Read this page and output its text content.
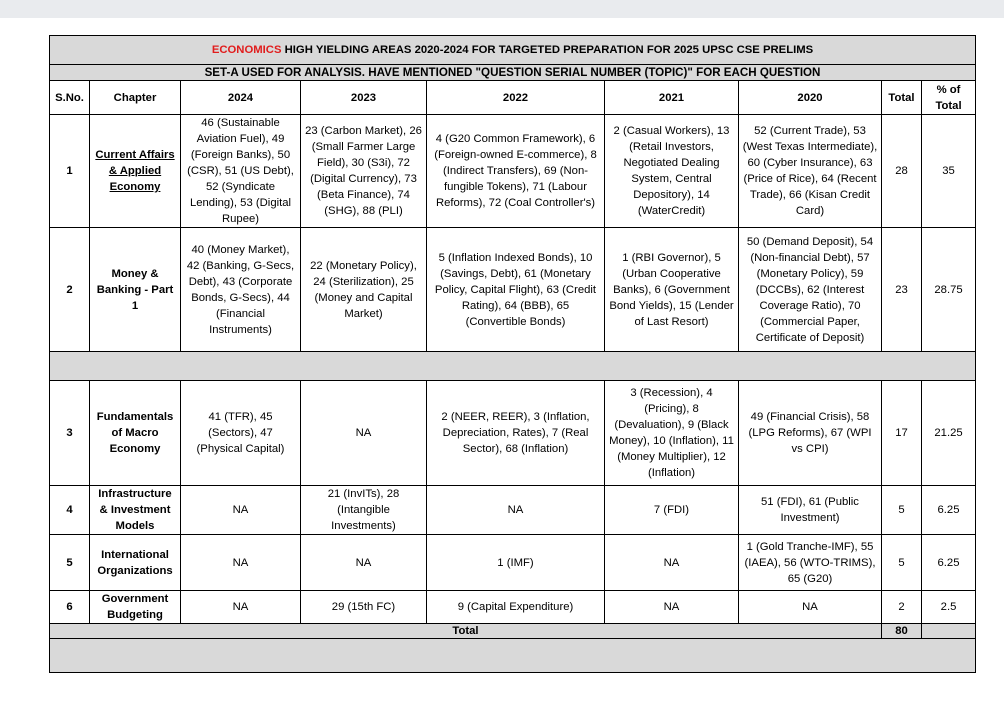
ECONOMICS HIGH YIELDING AREAS 2020-2024 FOR TARGETED PREPARATION FOR 2025 UPSC CSE PRELIMS								
SET-A USED FOR ANALYSIS. HAVE MENTIONED "QUESTION SERIAL NUMBER (TOPIC)" FOR EACH QUESTION								
S.No.	Chapter	2024	2023	2022	2021	2020	Total	% of Total
1	Current Affairs & Applied Economy	46 (Sustainable Aviation Fuel), 49 (Foreign Banks), 50 (CSR), 51 (US Debt), 52 (Syndicate Lending), 53 (Digital Rupee)	23 (Carbon Market), 26 (Small Farmer Large Field), 30 (S3i), 72 (Digital Currency), 73 (Beta Finance), 74 (SHG), 88 (PLI)	4 (G20 Common Framework), 6 (Foreign-owned E-commerce), 8 (Indirect Transfers), 69 (Non-fungible Tokens), 71 (Labour Reforms), 72 (Coal Controller's)	2 (Casual Workers), 13 (Retail Investors, Negotiated Dealing System, Central Depository), 14 (WaterCredit)	52 (Current Trade), 53 (West Texas Intermediate), 60 (Cyber Insurance), 63 (Price of Rice), 64 (Recent Trade), 66 (Kisan Credit Card)	28	35
2	Money & Banking - Part 1	40 (Money Market), 42 (Banking, G-Secs, Debt), 43 (Corporate Bonds, G-Secs), 44 (Financial Instruments)	22 (Monetary Policy), 24 (Sterilization), 25 (Money and Capital Market)	5 (Inflation Indexed Bonds), 10 (Savings, Debt), 61 (Monetary Policy, Capital Flight), 63 (Credit Rating), 64 (BBB), 65 (Convertible Bonds)	1 (RBI Governor), 5 (Urban Cooperative Banks), 6 (Government Bond Yields), 15 (Lender of Last Resort)	50 (Demand Deposit), 54 (Non-financial Debt), 57 (Monetary Policy), 59 (DCCBs), 62 (Interest Coverage Ratio), 70 (Commercial Paper, Certificate of Deposit)	23	28.75

3	Fundamentals of Macro Economy	41 (TFR), 45 (Sectors), 47 (Physical Capital)	NA	2 (NEER, REER), 3 (Inflation, Depreciation, Rates), 7 (Real Sector), 68 (Inflation)	3 (Recession), 4 (Pricing), 8 (Devaluation), 9 (Black Money), 10 (Inflation), 11 (Money Multiplier), 12 (Inflation)	49 (Financial Crisis), 58 (LPG Reforms), 67 (WPI vs CPI)	17	21.25
4	Infrastructure & Investment Models	NA	21 (InvITs), 28 (Intangible Investments)	NA	7 (FDI)	51 (FDI), 61 (Public Investment)	5	6.25
5	International Organizations	NA	NA	1 (IMF)	NA	1 (Gold Tranche-IMF), 55 (IAEA), 56 (WTO-TRIMS), 65 (G20)	5	6.25
6	Government Budgeting	NA	29 (15th FC)	9 (Capital Expenditure)	NA	NA	2	2.5
Total							80	
